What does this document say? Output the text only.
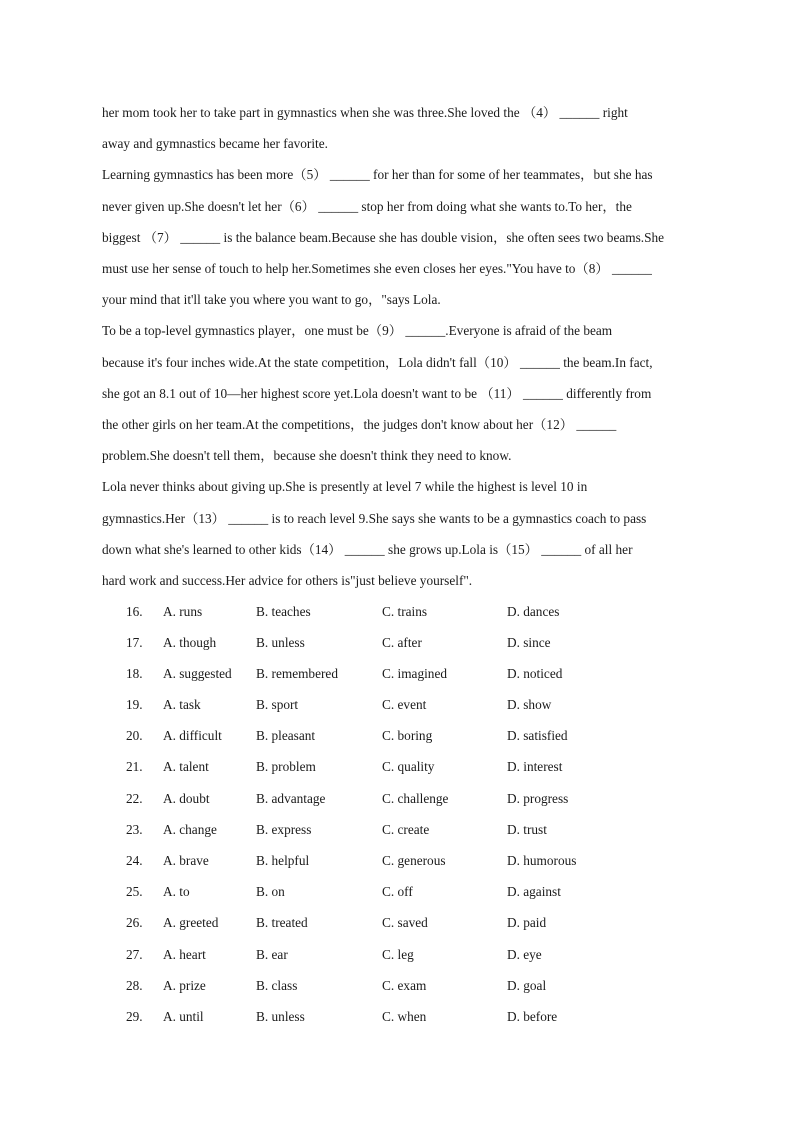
her mom took her to take part in gymnastics when she was three.She loved the （4） ______ right
away and gymnastics became her favorite.
Learning gymnastics has been more（5） ______ for her than for some of her teammates，but she has
never given up.She doesn't let her（6） ______ stop her from doing what she wants to.To her，the
biggest （7） ______ is the balance beam.Because she has double vision，she often sees two beams.She
must use her sense of touch to help her.Sometimes she even closes her eyes."You have to（8） ______
your mind that it'll take you where you want to go，"says Lola.
To be a top-level gymnastics player，one must be（9） ______.Everyone is afraid of the beam
because it's four inches wide.At the state competition，Lola didn't fall（10） ______ the beam.In fact,
she got an 8.1 out of 10—her highest score yet.Lola doesn't want to be （11） ______ differently from
the other girls on her team.At the competitions，the judges don't know about her（12） ______
problem.She doesn't tell them，because she doesn't think they need to know.
Lola never thinks about giving up.She is presently at level 7 while the highest is level 10 in
gymnastics.Her（13） ______ is to reach level 9.She says she wants to be a gymnastics coach to pass
down what she's learned to other kids（14） ______ she grows up.Lola is（15） ______ of all her
hard work and success.Her advice for others is"just believe yourself".
16. A. runs	B. teaches	C. trains	D. dances
17. A. though	B. unless	C. after	D. since
18. A. suggested B. remembered	C. imagined	D. noticed
19. A. task	B. sport	C. event	D. show
20. A. difficult	B. pleasant	C. boring	D. satisfied
21. A. talent	B. problem	C. quality	D. interest
22. A. doubt	B. advantage	C. challenge	D. progress
23. A. change	B. express	C. create	D. trust
24. A. brave	B. helpful	C. generous	D. humorous
25. A. to	B. on	C. off	D. against
26. A. greeted	B. treated	C. saved	D. paid
27. A. heart	B. ear	C. leg	D. eye
28. A. prize	B. class	C. exam	D. goal
29. A. until	B. unless	C. when	D. before
